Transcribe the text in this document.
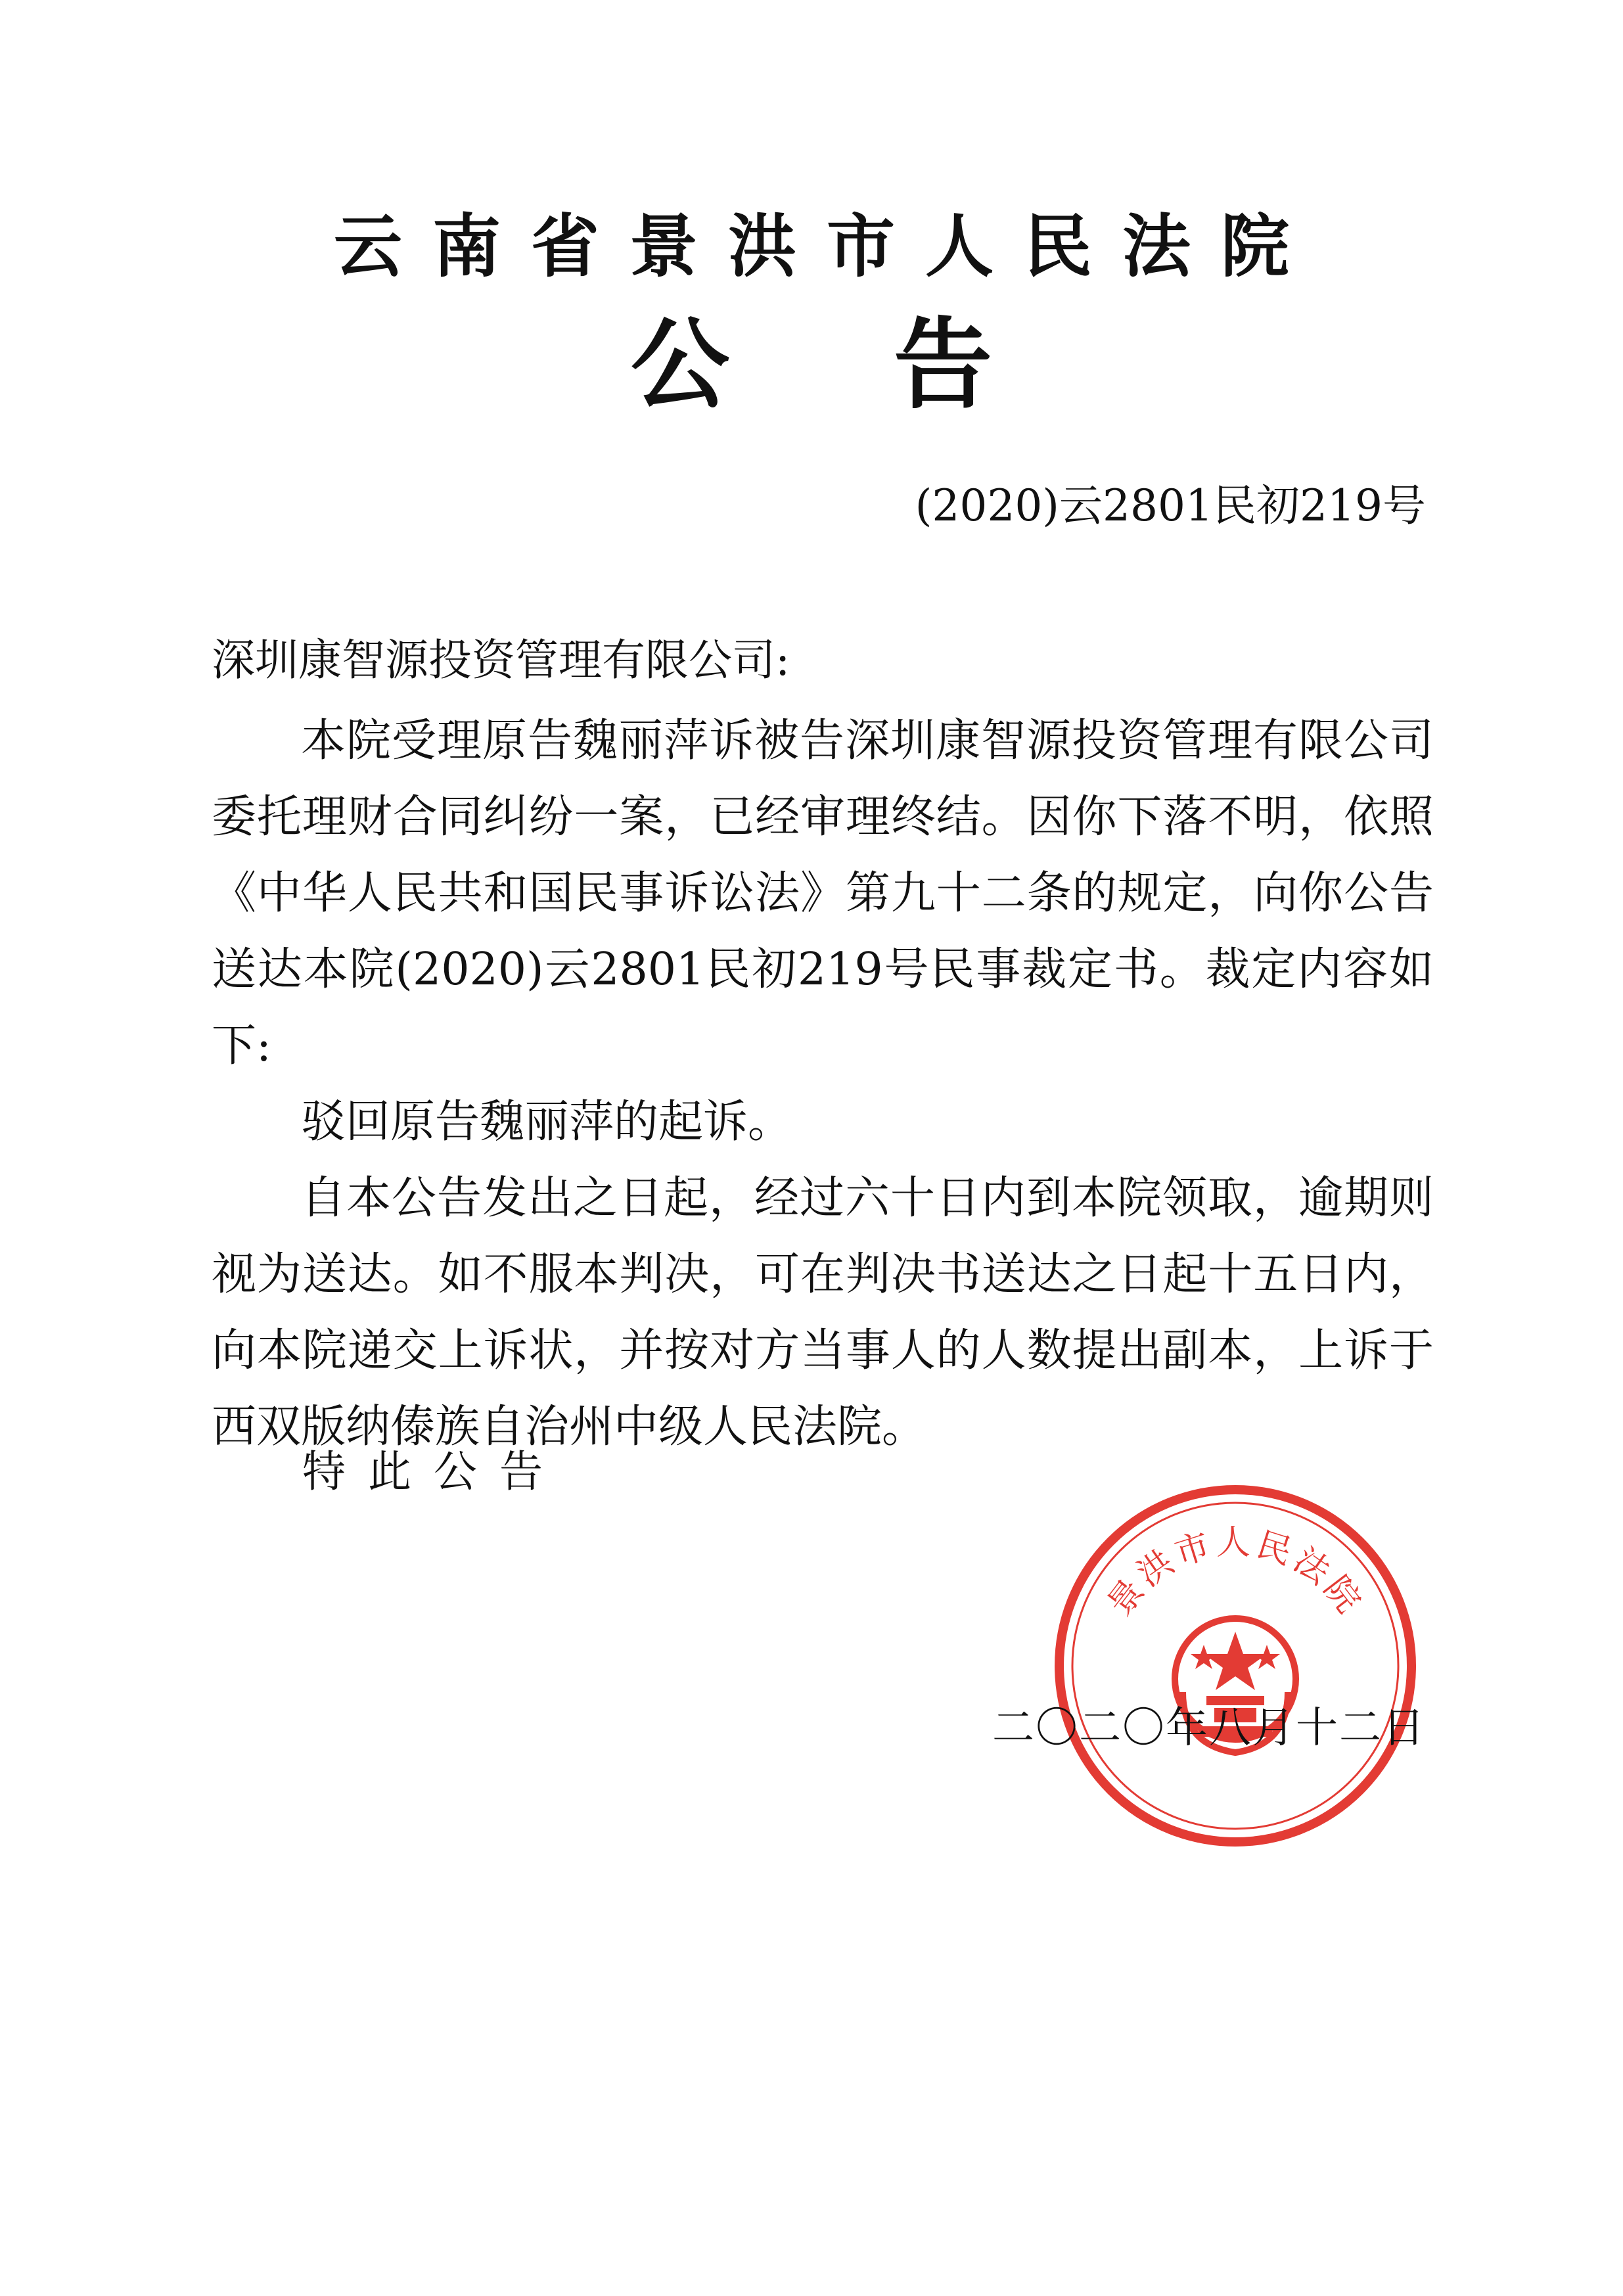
云南省景洪市人民法院
公告
(2020)云2801民初219号
深圳康智源投资管理有限公司:

本院受理原告魏丽萍诉被告深圳康智源投资管理有限公司委托理财合同纠纷一案，已经审理终结。因你下落不明，依照《中华人民共和国民事诉讼法》第九十二条的规定，向你公告送达本院(2020)云2801民初219号民事裁定书。裁定内容如下:

驳回原告魏丽萍的起诉。

自本公告发出之日起，经过六十日内到本院领取，逾期则视为送达。如不服本判决，可在判决书送达之日起十五日内，向本院递交上诉状，并按对方当事人的人数提出副本，上诉于西双版纳傣族自治州中级人民法院。

特此公告
景洪市人民法院
二〇二〇年八月十二日
